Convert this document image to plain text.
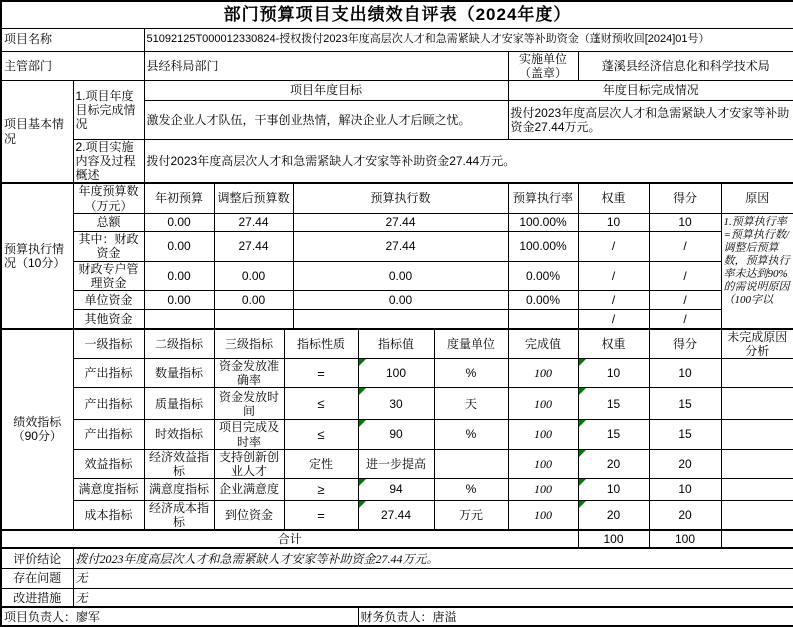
部门预算项目支出绩效自评表（2024年度）											
项目名称		51092125T000012330824-授权拨付2023年度高层次人才和急需紧缺人才安家等补助资金（蓬财预收回[2024]01号）									
主管部门		县经科局部门						实施单位（盖章）	蓬溪县经济信息化和科学技术局		
项目基本情况	1.项目年度目标完成情况	项目年度目标						年度目标完成情况			
		激发企业人才队伍，干事创业热情，解决企业人才后顾之忧。						拨付2023年度高层次人才和急需紧缺人才安家等补助资金27.44万元。			
	2.项目实施内容及过程概述	拨付2023年度高层次人才和急需紧缺人才安家等补助资金27.44万元。									
预算执行情况（10分）	年度预算数（万元）	年初预算	调整后预算数		预算执行数			预算执行率	权重	得分	原因
	总额	0.00	27.44		27.44			100.00%	10	10	1.预算执行率=预算执行数/调整后预算数，预算执行率未达到90%的需说明原因（100字以
	其中：财政资金	0.00	27.44		27.44			100.00%	/	/	
	财政专户管理资金	0.00	0.00		0.00			0.00%	/	/	
	单位资金	0.00	0.00		0.00			0.00%	/	/	
	其他资金								/	/	
绩效指标（90分）	一级指标	二级指标	三级指标	指标性质		指标值	度量单位	完成值	权重	得分	未完成原因分析
	产出指标	数量指标	资金发放准确率	=		100	%	100	10	10	
	产出指标	质量指标	资金发放时间	≤		30	天	100	15	15	
	产出指标	时效指标	项目完成及时率	≤		90	%	100	15	15	
	效益指标	经济效益指标	支持创新创业人才	定性		进一步提高		100	20	20	
	满意度指标	满意度指标	企业满意度	≥		94	%	100	10	10	
	成本指标	经济成本指标	到位资金	=		27.44	万元	100	20	20	
合计									100	100	
评价结论	拨付2023年度高层次人才和急需紧缺人才安家等补助资金27.44万元。										
存在问题	无										
改进措施	无										
项目负责人：廖军						财务负责人：唐溢					
